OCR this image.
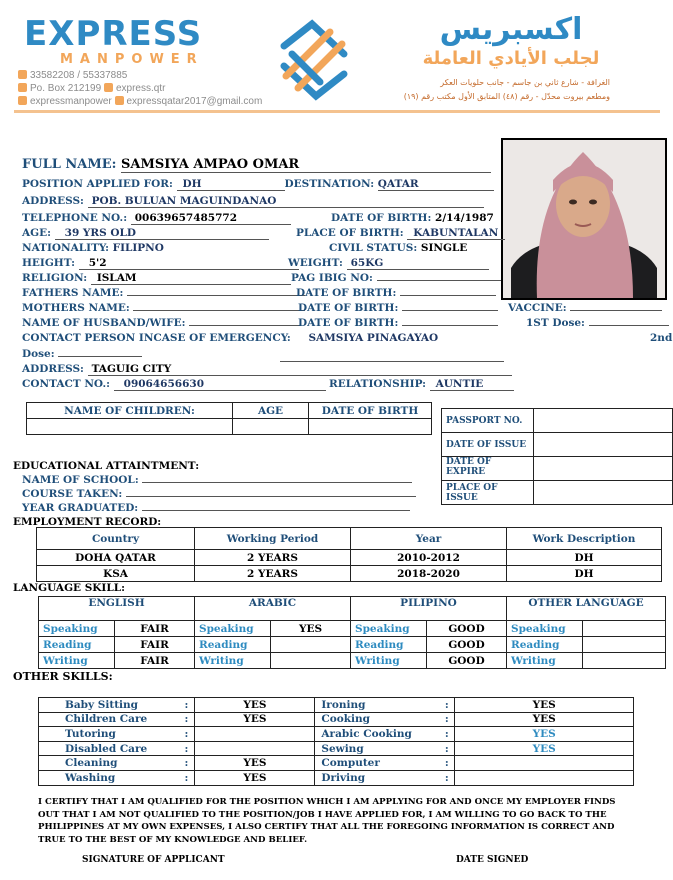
EXPRESS
MANPOWER
33582208 / 55337885
Po. Box 212199 express.qtr
expressmanpower expressqatar2017@gmail.com
اكسبريس
لجلب الأيادي العاملة
الغرافة - شارع ثاني بن جاسم - جانب حلويات العكر
ومطعم بيروت محدّل - رقم (٤٨) المتابق الأول مكتب رقم (١٩)
FULL NAME: SAMSIYA AMPAO OMAR
POSITION APPLIED FOR: DH	DESTINATION: QATAR
ADDRESS: POB. BULUAN MAGUINDANAO
TELEPHONE NO.: 00639657485772	DATE OF BIRTH: 2/14/1987
AGE: 39 YRS OLD	PLACE OF BIRTH: KABUNTALAN
NATIONALITY: FILIPNO	CIVIL STATUS: SINGLE
HEIGHT: 5'2	WEIGHT: 65KG
RELIGION: ISLAM	PAG IBIG NO:
FATHERS NAME:	DATE OF BIRTH:
MOTHERS NAME:	DATE OF BIRTH:	VACCINE:
NAME OF HUSBAND/WIFE:	DATE OF BIRTH:	1ST Dose:
CONTACT PERSON INCASE OF EMERGENCY: SAMSIYA PINAGAYAO	2nd
Dose:
ADDRESS: TAGUIG CITY
CONTACT NO.: 09064656630	RELATIONSHIP: AUNTIE
NAME OF CHILDREN:	AGE	DATE OF BIRTH

PASSPORT NO.	
DATE OF ISSUE	
DATE OF EXPIRE	
PLACE OF ISSUE	
EDUCATIONAL ATTAINTMENT:
NAME OF SCHOOL:
COURSE TAKEN:
YEAR GRADUATED:
EMPLOYMENT RECORD:
Country	Working Period	Year	Work Description
DOHA QATAR	2 YEARS	2010-2012	DH
KSA	2 YEARS	2018-2020	DH
LANGUAGE SKILL:
ENGLISH		ARABIC		PILIPINO		OTHER LANGUAGE	
Speaking	FAIR	Speaking	YES	Speaking	GOOD	Speaking	
Reading	FAIR	Reading		Reading	GOOD	Reading	
Writing	FAIR	Writing		Writing	GOOD	Writing	
OTHER SKILLS:
Baby Sitting	:	YES	Ironing	:	YES
Children Care	:	YES	Cooking	:	YES
Tutoring	:		Arabic Cooking	:	YES
Disabled Care	:		Sewing	:	YES
Cleaning	:	YES	Computer	:	
Washing	:	YES	Driving	:	
I CERTIFY THAT I AM QUALIFIED FOR THE POSITION WHICH I AM APPLYING FOR AND ONCE MY EMPLOYER FINDS OUT THAT I AM NOT QUALIFIED TO THE POSITION/JOB I HAVE APPLIED FOR, I AM WILLING TO GO BACK TO THE PHILIPPINES AT MY OWN EXPENSES, I ALSO CERTIFY THAT ALL THE FOREGOING INFORMATION IS CORRECT AND TRUE TO THE BEST OF MY KNOWLEDGE AND BELIEF.
SIGNATURE OF APPLICANT	DATE SIGNED
